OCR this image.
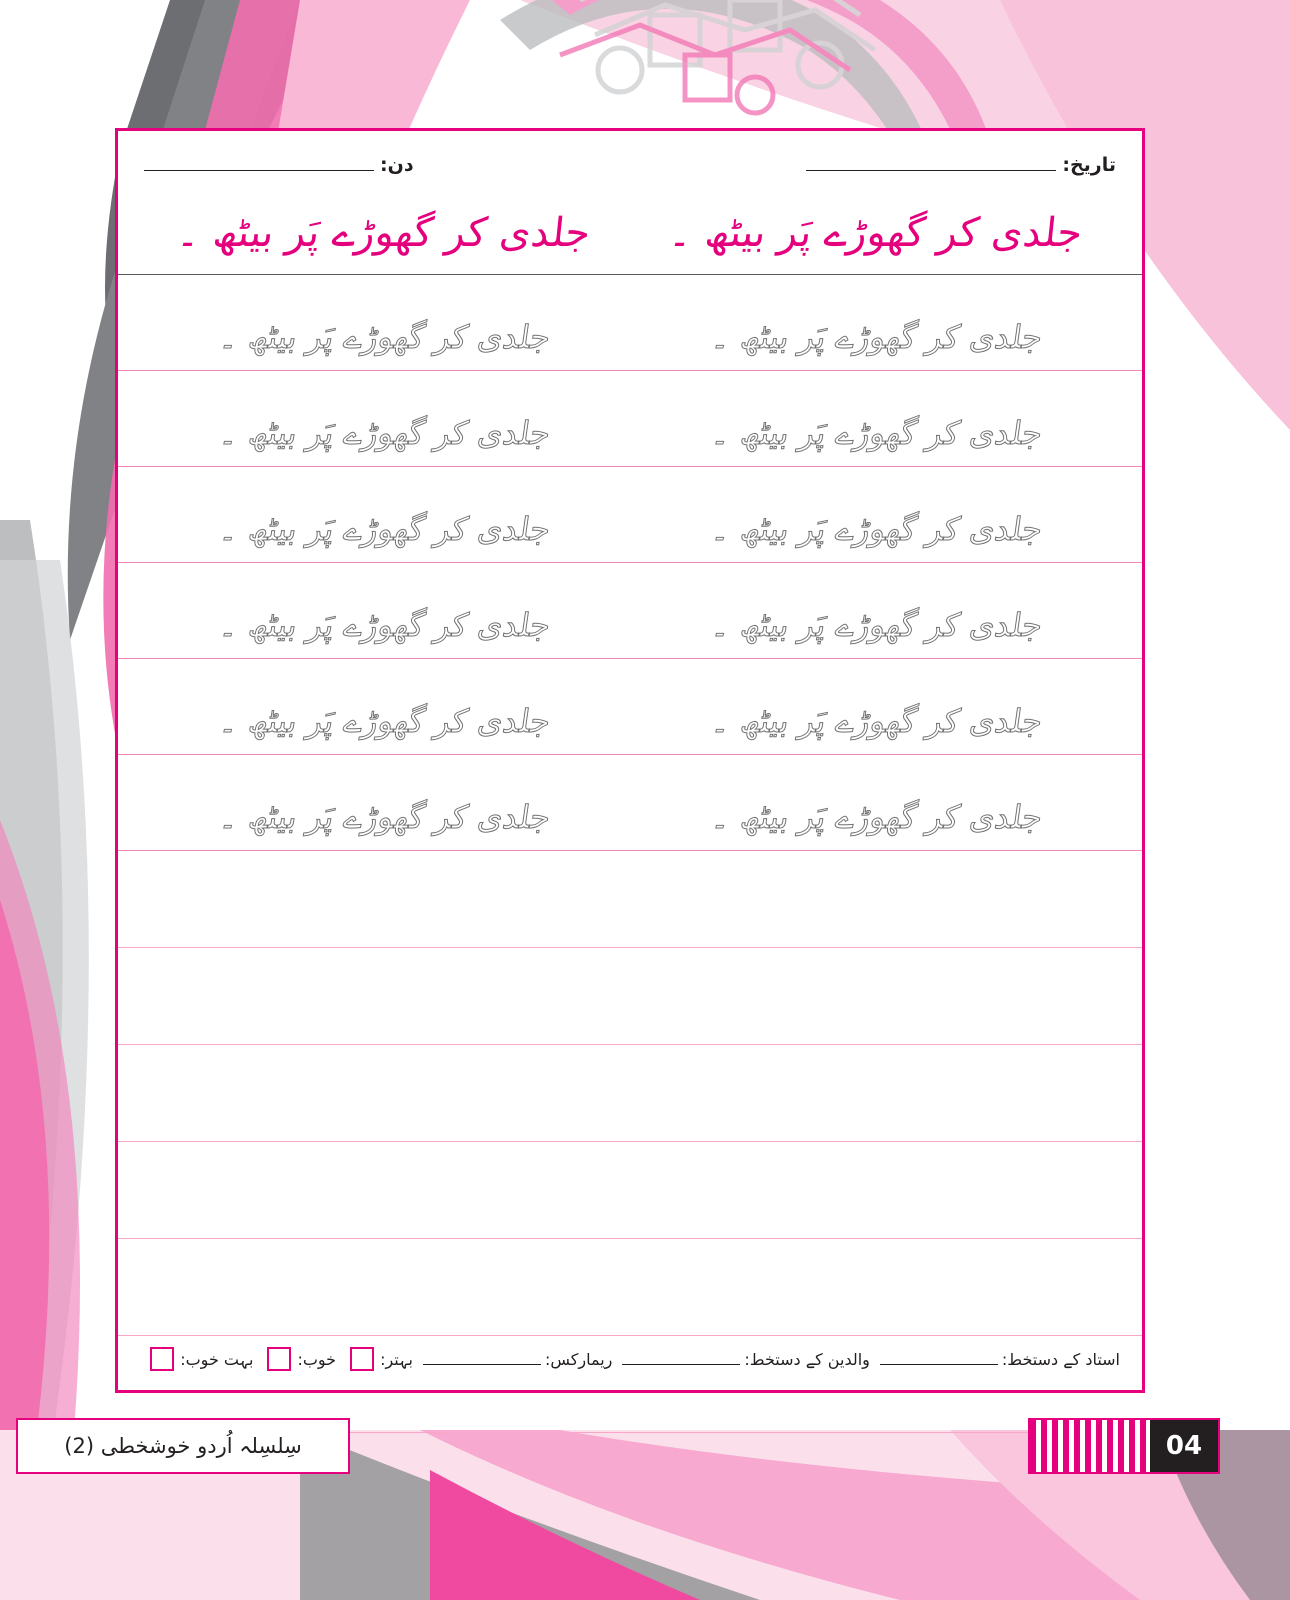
تاریخ:
دن:
جلدی کر گھوڑے پَر بیٹھ ۔
جلدی کر گھوڑے پَر بیٹھ ۔
جلدی کر گھوڑے پَر بیٹھ ۔
جلدی کر گھوڑے پَر بیٹھ ۔
جلدی کر گھوڑے پَر بیٹھ ۔
جلدی کر گھوڑے پَر بیٹھ ۔
جلدی کر گھوڑے پَر بیٹھ ۔
جلدی کر گھوڑے پَر بیٹھ ۔
جلدی کر گھوڑے پَر بیٹھ ۔
جلدی کر گھوڑے پَر بیٹھ ۔
جلدی کر گھوڑے پَر بیٹھ ۔
جلدی کر گھوڑے پَر بیٹھ ۔
جلدی کر گھوڑے پَر بیٹھ ۔
جلدی کر گھوڑے پَر بیٹھ ۔
استاد کے دستخط:
والدین کے دستخط:
ریمارکس:
بہتر:
خوب:
بہت خوب:
سِلسِلہ اُردو خوشخطی (2)	04
